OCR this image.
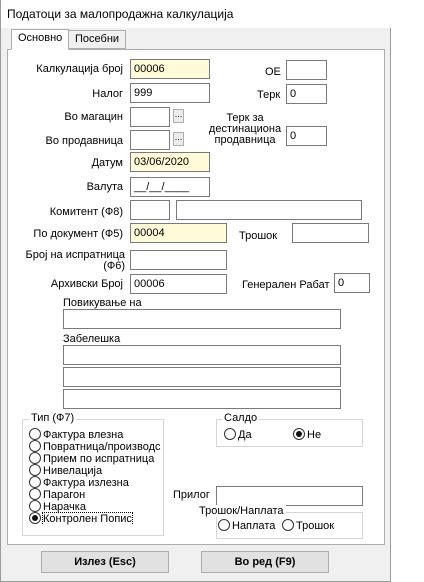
Податоци за малопродажна калкулација
Основно	Посебни
Калкулација број	00006	ОЕ
Налог	999	Терк 0
Во магацин	...	Терк за дестинациона продавница	0
Во продавница	...
Датум	03/06/2020
Валута	__/__/____
Комитент (Ф8)
По документ (Ф5)	00004	Трошок
Број на испратница (Ф6)
Архивски Број	00006	Генерален Рабат 0
Повикување на
Забелешка
Тип (Ф7)
Фактура влезна
Повратница/производс
Прием по испратница
Нивелација
Фактура излезна
Парагон
Нарачка
Контролен Попис
Салдо
Да	Не
Прилог
Трошок/Наплата
Наплата	Трошок
Излез (Esc)	Во ред (F9)
